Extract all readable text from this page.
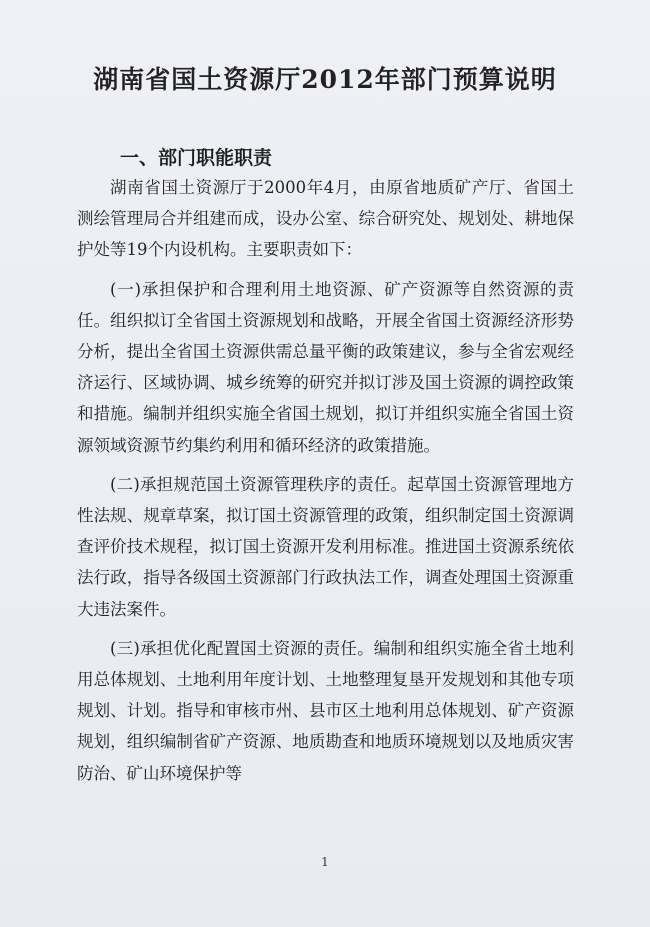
湖南省国土资源厅2012年部门预算说明
一、部门职能职责

湖南省国土资源厅于2000年4月，由原省地质矿产厅、省国土测绘管理局合并组建而成，设办公室、综合研究处、规划处、耕地保护处等19个内设机构。主要职责如下：

(一)承担保护和合理利用土地资源、矿产资源等自然资源的责任。组织拟订全省国土资源规划和战略，开展全省国土资源经济形势分析，提出全省国土资源供需总量平衡的政策建议，参与全省宏观经济运行、区域协调、城乡统筹的研究并拟订涉及国土资源的调控政策和措施。编制并组织实施全省国土规划，拟订并组织实施全省国土资源领域资源节约集约利用和循环经济的政策措施。

(二)承担规范国土资源管理秩序的责任。起草国土资源管理地方性法规、规章草案，拟订国土资源管理的政策，组织制定国土资源调查评价技术规程，拟订国土资源开发利用标准。推进国土资源系统依法行政，指导各级国土资源部门行政执法工作，调查处理国土资源重大违法案件。

(三)承担优化配置国土资源的责任。编制和组织实施全省土地利用总体规划、土地利用年度计划、土地整理复垦开发规划和其他专项规划、计划。指导和审核市州、县市区土地利用总体规划、矿产资源规划，组织编制省矿产资源、地质勘查和地质环境规划以及地质灾害防治、矿山环境保护等

1
